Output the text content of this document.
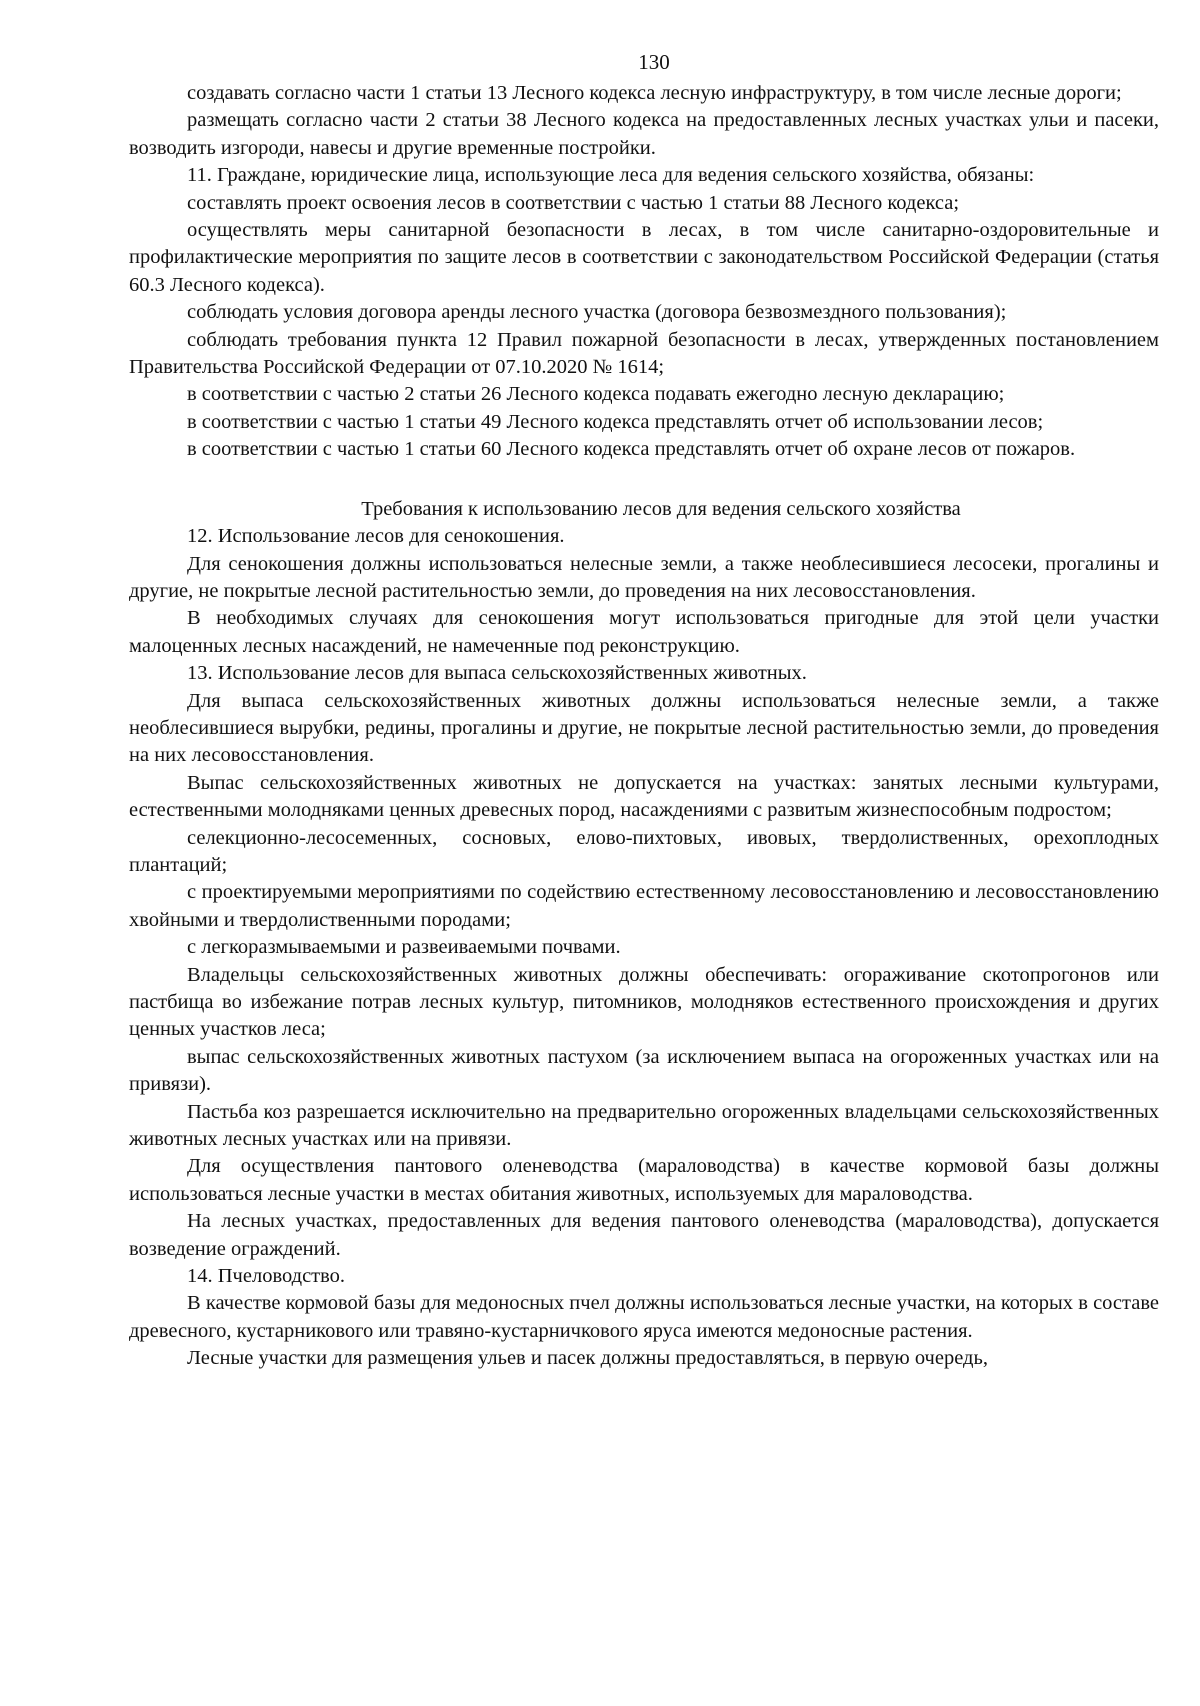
130

создавать согласно части 1 статьи 13 Лесного кодекса лесную инфраструктуру, в том числе лесные дороги;

размещать согласно части 2 статьи 38 Лесного кодекса на предоставленных лесных участках ульи и пасеки, возводить изгороди, навесы и другие временные постройки.

11. Граждане, юридические лица, использующие леса для ведения сельского хозяйства, обязаны:

составлять проект освоения лесов в соответствии с частью 1 статьи 88 Лесного кодекса;

осуществлять меры санитарной безопасности в лесах, в том числе санитарно-оздоровительные и профилактические мероприятия по защите лесов в соответствии с законодательством Российской Федерации (статья 60.3 Лесного кодекса).

соблюдать условия договора аренды лесного участка (договора безвозмездного пользования);

соблюдать требования пункта 12 Правил пожарной безопасности в лесах, утвержденных постановлением Правительства Российской Федерации от 07.10.2020 № 1614;

в соответствии с частью 2 статьи 26 Лесного кодекса подавать ежегодно лесную декларацию;

в соответствии с частью 1 статьи 49 Лесного кодекса представлять отчет об использовании лесов;

в соответствии с частью 1 статьи 60 Лесного кодекса представлять отчет об охране лесов от пожаров.

Требования к использованию лесов для ведения сельского хозяйства

12. Использование лесов для сенокошения.

Для сенокошения должны использоваться нелесные земли, а также необлесившиеся лесосеки, прогалины и другие, не покрытые лесной растительностью земли, до проведения на них лесовосстановления.

В необходимых случаях для сенокошения могут использоваться пригодные для этой цели участки малоценных лесных насаждений, не намеченные под реконструкцию.

13. Использование лесов для выпаса сельскохозяйственных животных.

Для выпаса сельскохозяйственных животных должны использоваться нелесные земли, а также необлесившиеся вырубки, редины, прогалины и другие, не покрытые лесной растительностью земли, до проведения на них лесовосстановления.

Выпас сельскохозяйственных животных не допускается на участках: занятых лесными культурами, естественными молодняками ценных древесных пород, насаждениями с развитым жизнеспособным подростом;

селекционно-лесосеменных, сосновых, елово-пихтовых, ивовых, твердолиственных, орехоплодных плантаций;

с проектируемыми мероприятиями по содействию естественному лесовосстановлению и лесовосстановлению хвойными и твердолиственными породами;

с легкоразмываемыми и развеиваемыми почвами.

Владельцы сельскохозяйственных животных должны обеспечивать: огораживание скотопрогонов или пастбища во избежание потрав лесных культур, питомников, молодняков естественного происхождения и других ценных участков леса;

выпас сельскохозяйственных животных пастухом (за исключением выпаса на огороженных участках или на привязи).

Пастьба коз разрешается исключительно на предварительно огороженных владельцами сельскохозяйственных животных лесных участках или на привязи.

Для осуществления пантового оленеводства (мараловодства) в качестве кормовой базы должны использоваться лесные участки в местах обитания животных, используемых для мараловодства.

На лесных участках, предоставленных для ведения пантового оленеводства (мараловодства), допускается возведение ограждений.

14. Пчеловодство.

В качестве кормовой базы для медоносных пчел должны использоваться лесные участки, на которых в составе древесного, кустарникового или травяно-кустарничкового яруса имеются медоносные растения.

Лесные участки для размещения ульев и пасек должны предоставляться, в первую очередь,
